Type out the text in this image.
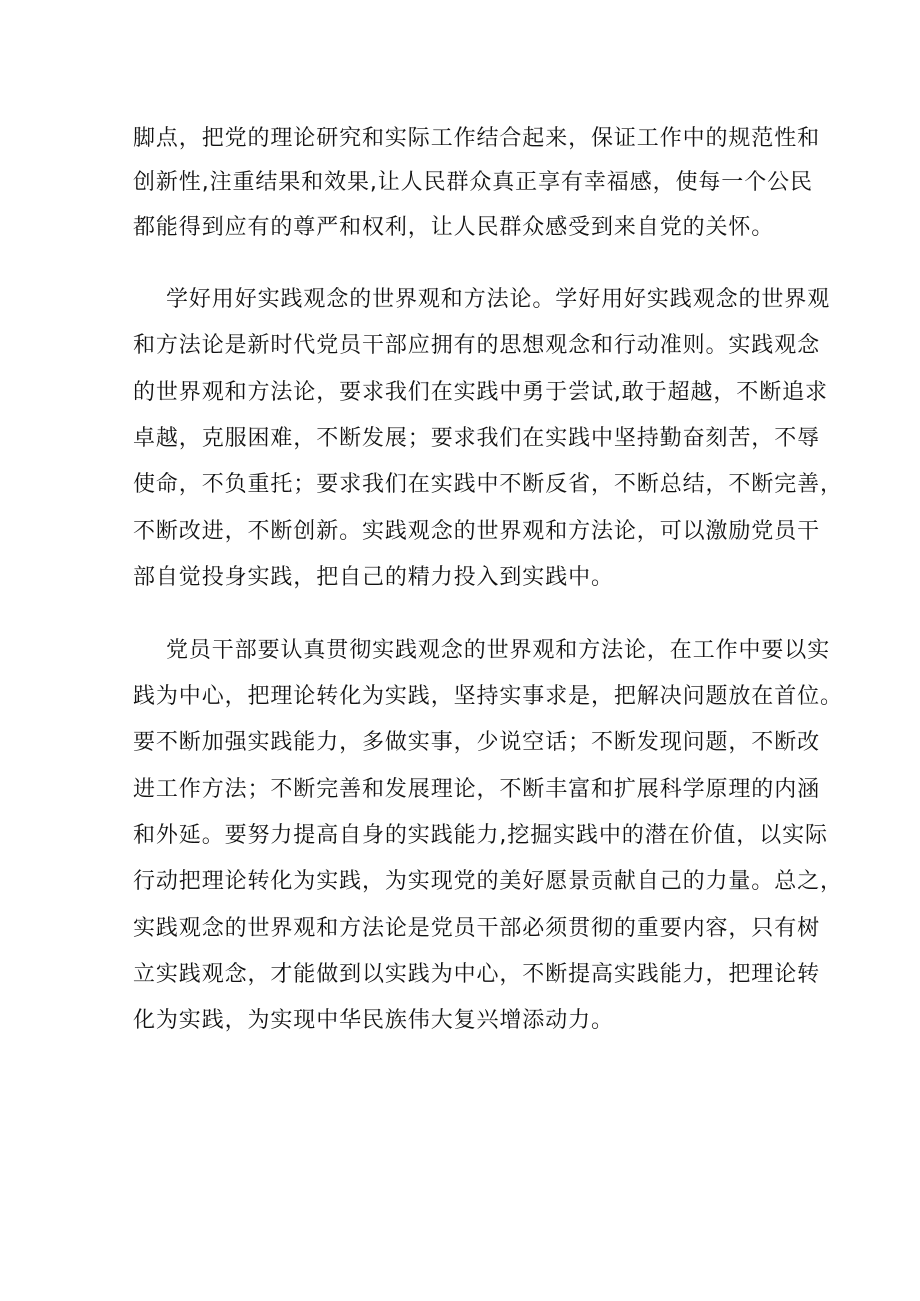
脚点，把党的理论研究和实际工作结合起来，保证工作中的规范性和
创新性,注重结果和效果,让人民群众真正享有幸福感，使每一个公民
都能得到应有的尊严和权利，让人民群众感受到来自党的关怀。
学好用好实践观念的世界观和方法论。学好用好实践观念的世界观
和方法论是新时代党员干部应拥有的思想观念和行动准则。实践观念
的世界观和方法论，要求我们在实践中勇于尝试,敢于超越，不断追求
卓越，克服困难，不断发展；要求我们在实践中坚持勤奋刻苦，不辱
使命，不负重托；要求我们在实践中不断反省，不断总结，不断完善，
不断改进，不断创新。实践观念的世界观和方法论，可以激励党员干
部自觉投身实践，把自己的精力投入到实践中。
党员干部要认真贯彻实践观念的世界观和方法论，在工作中要以实
践为中心，把理论转化为实践，坚持实事求是，把解决问题放在首位。
要不断加强实践能力，多做实事，少说空话；不断发现问题，不断改
进工作方法；不断完善和发展理论，不断丰富和扩展科学原理的内涵
和外延。要努力提高自身的实践能力,挖掘实践中的潜在价值，以实际
行动把理论转化为实践，为实现党的美好愿景贡献自己的力量。总之，
实践观念的世界观和方法论是党员干部必须贯彻的重要内容，只有树
立实践观念，才能做到以实践为中心，不断提高实践能力，把理论转
化为实践，为实现中华民族伟大复兴增添动力。
